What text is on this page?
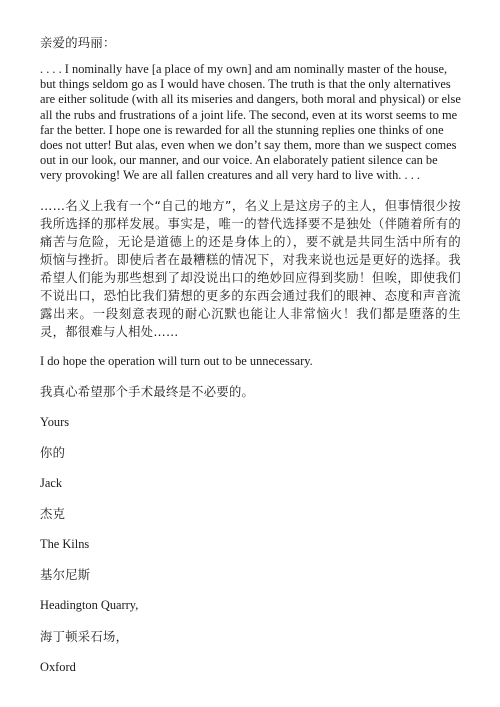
亲爱的玛丽：

. . . . I nominally have [a place of my own] and am nominally master of the house, but things seldom go as I would have chosen. The truth is that the only alternatives are either solitude (with all its miseries and dangers, both moral and physical) or else all the rubs and frustrations of a joint life. The second, even at its worst seems to me far the better. I hope one is rewarded for all the stunning replies one thinks of one does not utter! But alas, even when we don’t say them, more than we suspect comes out in our look, our manner, and our voice. An elaborately patient silence can be very provoking! We are all fallen creatures and all very hard to live with. . . .

……名义上我有一个“自己的地方”，名义上是这房子的主人，但事情很少按我所选择的那样发展。事实是，唯一的替代选择要不是独处（伴随着所有的痛苦与危险，无论是道德上的还是身体上的），要不就是共同生活中所有的烦恼与挫折。即使后者在最糟糕的情况下，对我来说也远是更好的选择。我希望人们能为那些想到了却没说出口的绝妙回应得到奖励！但唉，即使我们不说出口，恐怕比我们猜想的更多的东西会通过我们的眼神、态度和声音流露出来。一段刻意表现的耐心沉默也能让人非常恼火！我们都是堕落的生灵，都很难与人相处……

I do hope the operation will turn out to be unnecessary.

我真心希望那个手术最终是不必要的。

Yours

你的

Jack

杰克

The Kilns

基尔尼斯

Headington Quarry,

海丁顿采石场，

Oxford
